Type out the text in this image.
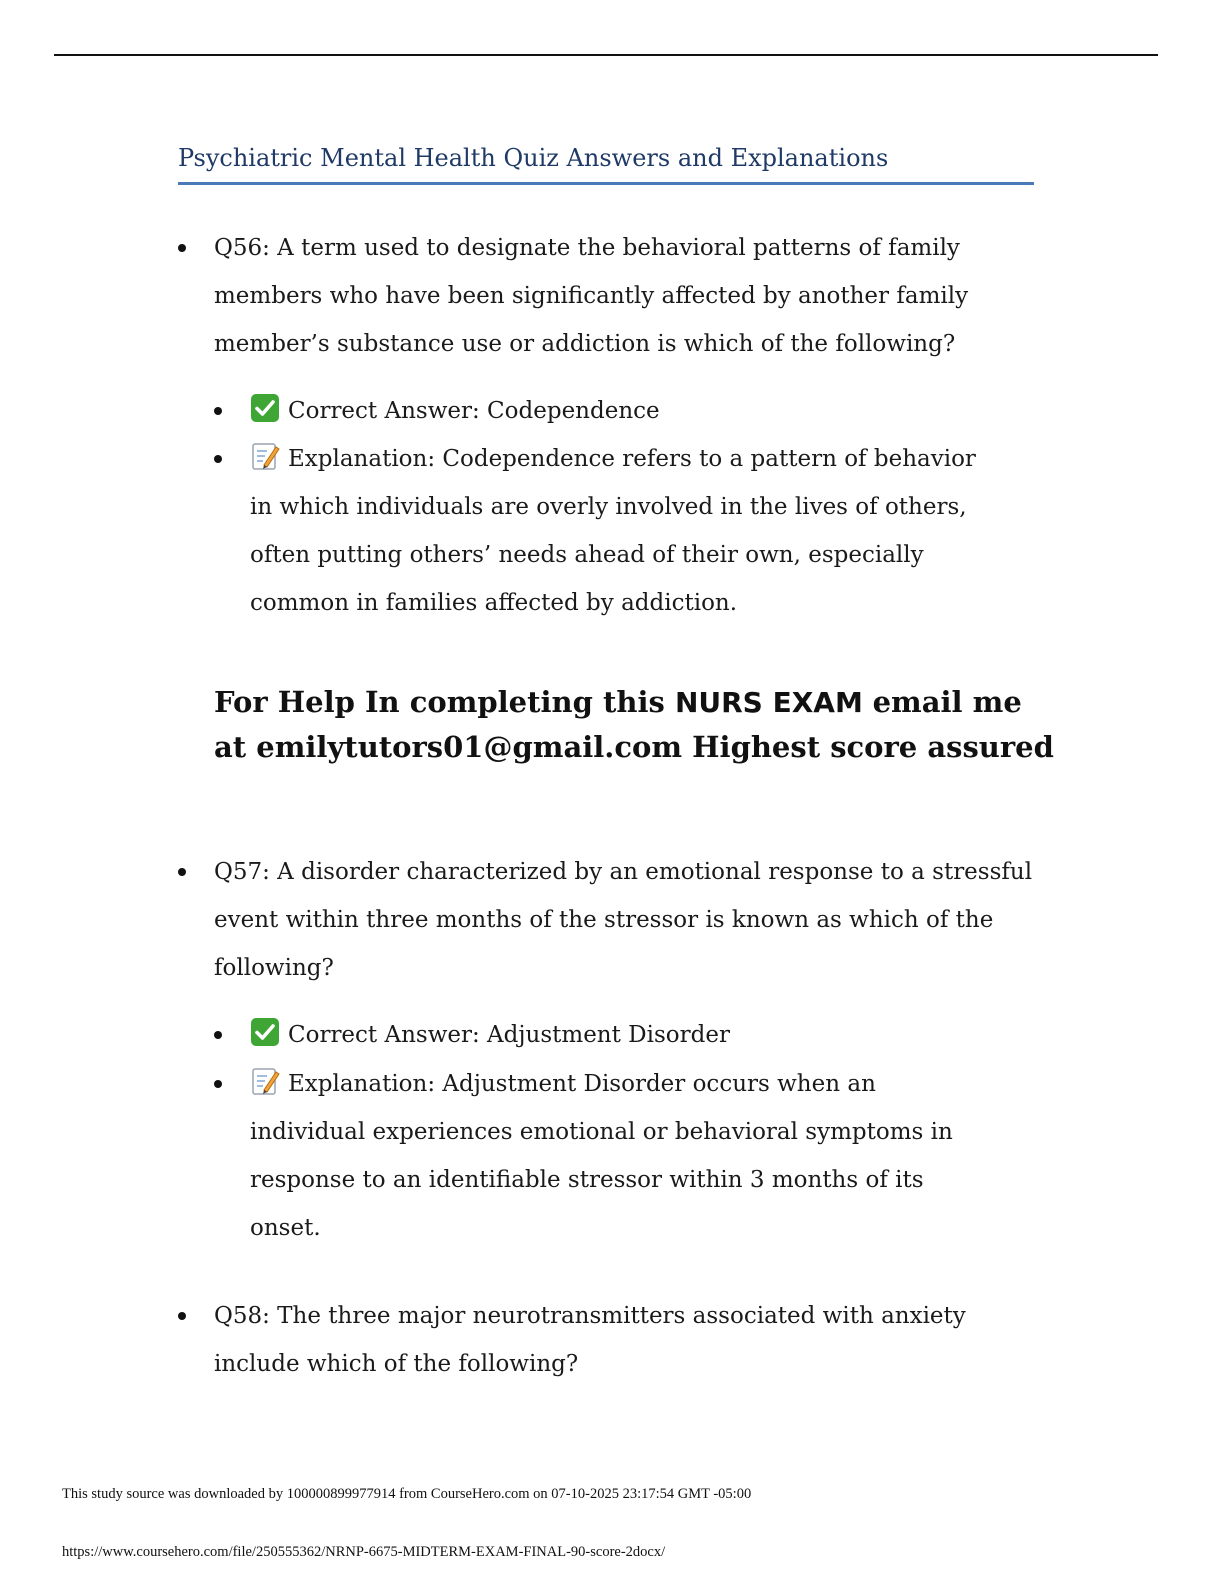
Psychiatric Mental Health Quiz Answers and Explanations
Q56: A term used to designate the behavioral patterns of family members who have been significantly affected by another family member’s substance use or addiction is which of the following?
Correct Answer: Codependence
Explanation: Codependence refers to a pattern of behavior in which individuals are overly involved in the lives of others, often putting others’ needs ahead of their own, especially common in families affected by addiction.
For Help In completing this NURS EXAM email me at emilytutors01@gmail.com Highest score assured
Q57: A disorder characterized by an emotional response to a stressful event within three months of the stressor is known as which of the following?
Correct Answer: Adjustment Disorder
Explanation: Adjustment Disorder occurs when an individual experiences emotional or behavioral symptoms in response to an identifiable stressor within 3 months of its onset.
Q58: The three major neurotransmitters associated with anxiety include which of the following?
This study source was downloaded by 100000899977914 from CourseHero.com on 07-10-2025 23:17:54 GMT -05:00
https://www.coursehero.com/file/250555362/NRNP-6675-MIDTERM-EXAM-FINAL-90-score-2docx/
